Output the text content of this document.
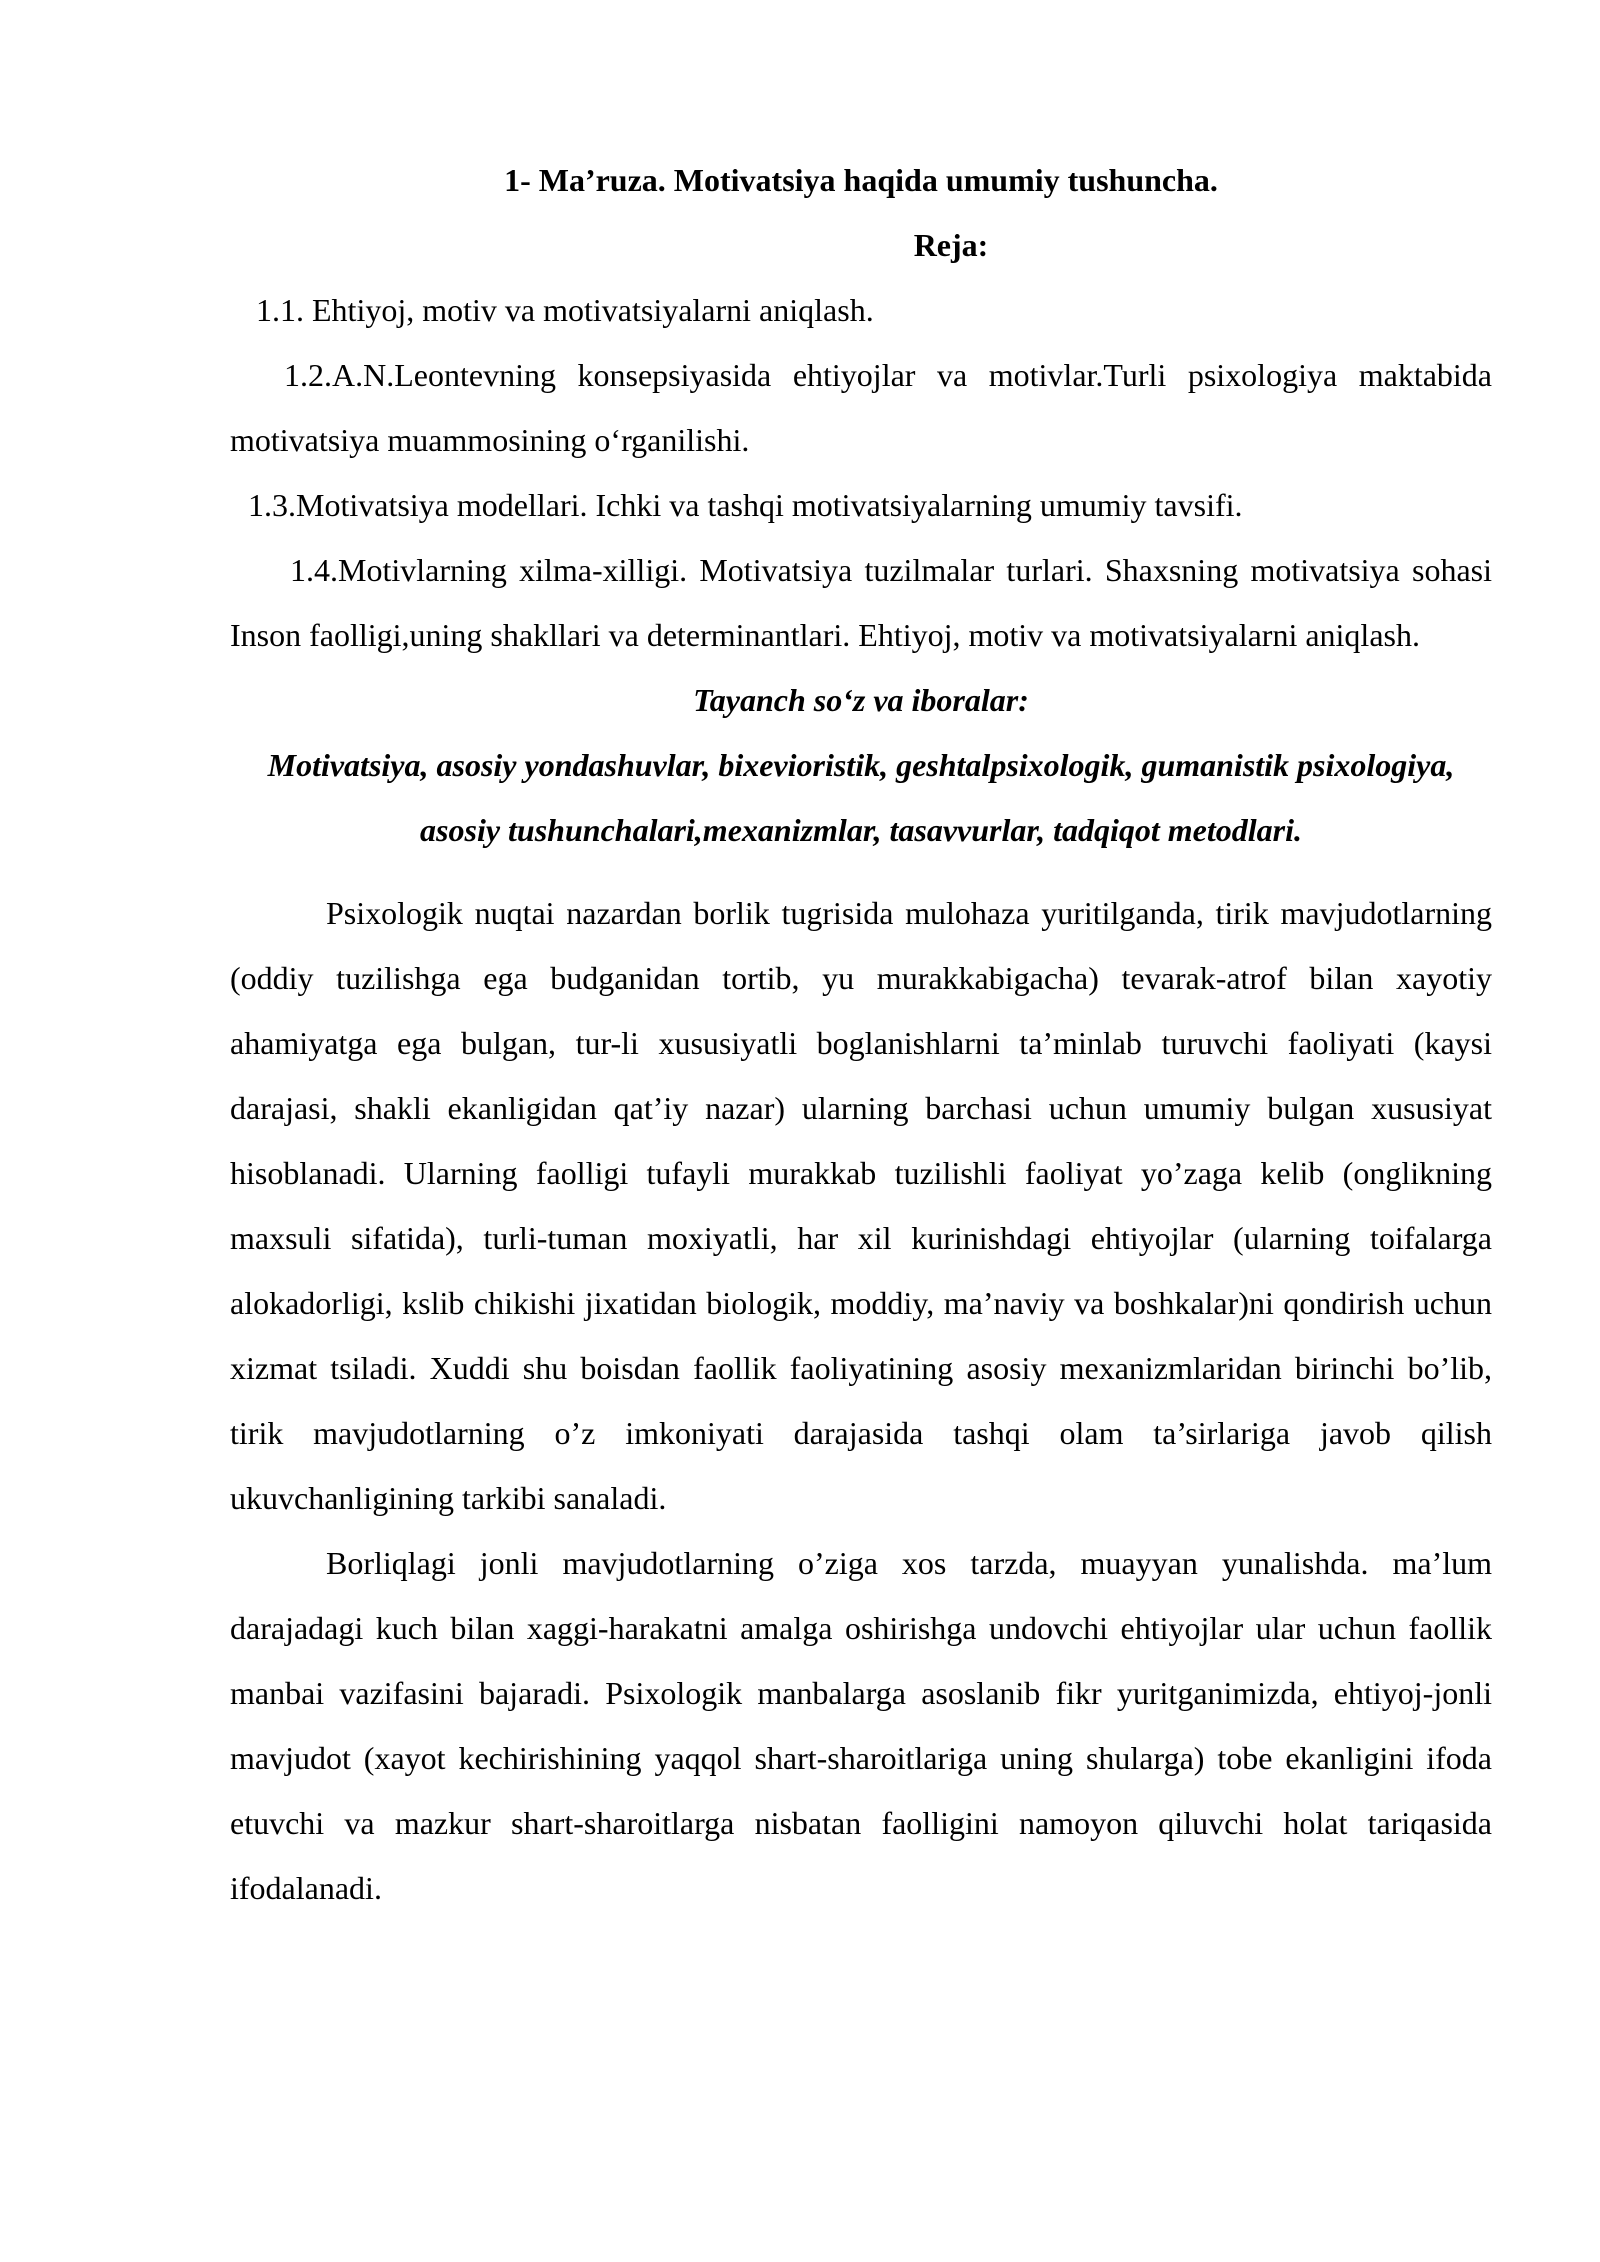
1- Ma’ruza. Motivatsiya haqida umumiy tushuncha.

Reja:

1.1. Ehtiyoj, motiv va motivatsiyalarni aniqlash.

1.2.A.N.Leontevning konsepsiyasida ehtiyojlar va motivlar.Turli psixologiya maktabida motivatsiya muammosining o‘rganilishi.

1.3.Motivatsiya modellari. Ichki va tashqi motivatsiyalarning umumiy tavsifi.

1.4.Motivlarning xilma-xilligi. Motivatsiya tuzilmalar turlari. Shaxsning motivatsiya sohasi Inson faolligi,uning shakllari va determinantlari. Ehtiyoj, motiv va motivatsiyalarni aniqlash.

Tayanch so‘z va iboralar:

Motivatsiya, asosiy yondashuvlar, bixevioristik, geshtalpsixologik, gumanistik psixologiya, asosiy tushunchalari,mexanizmlar, tasavvurlar, tadqiqot metodlari.

Psixologik nuqtai nazardan borlik tugrisida mulohaza yuritilganda, tirik mavjudotlarning (oddiy tuzilishga ega budganidan tortib, yu murakkabigacha) tevarak-atrof bilan xayotiy ahamiyatga ega bulgan, tur-li xususiyatli boglanishlarni ta’minlab turuvchi faoliyati (kaysi darajasi, shakli ekanligidan qat’iy nazar) ularning barchasi uchun umumiy bulgan xususiyat hisoblanadi. Ularning faolligi tufayli murakkab tuzilishli faoliyat yo’zaga kelib (onglikning maxsuli sifatida), turli-tuman moxiyatli, har xil kurinishdagi ehtiyojlar (ularning toifalarga alokadorligi, kslib chikishi jixatidan biologik, moddiy, ma’naviy va boshkalar)ni qondirish uchun xizmat tsiladi. Xuddi shu boisdan faollik faoliyatining asosiy mexanizmlaridan birinchi bo’lib, tirik mavjudotlarning o’z imkoniyati darajasida tashqi olam ta’sirlariga javob qilish ukuvchanligining tarkibi sanaladi.

Borliqlagi jonli mavjudotlarning o’ziga xos tarzda, muayyan yunalishda. ma’lum darajadagi kuch bilan xaggi-harakatni amalga oshirishga undovchi ehtiyojlar ular uchun faollik manbai vazifasini bajaradi. Psixologik manbalarga asoslanib fikr yuritganimizda, ehtiyoj-jonli mavjudot (xayot kechirishining yaqqol shart-sharoitlariga uning shularga) tobe ekanligini ifoda etuvchi va mazkur shart-sharoitlarga nisbatan faolligini namoyon qiluvchi holat tariqasida ifodalanadi.
